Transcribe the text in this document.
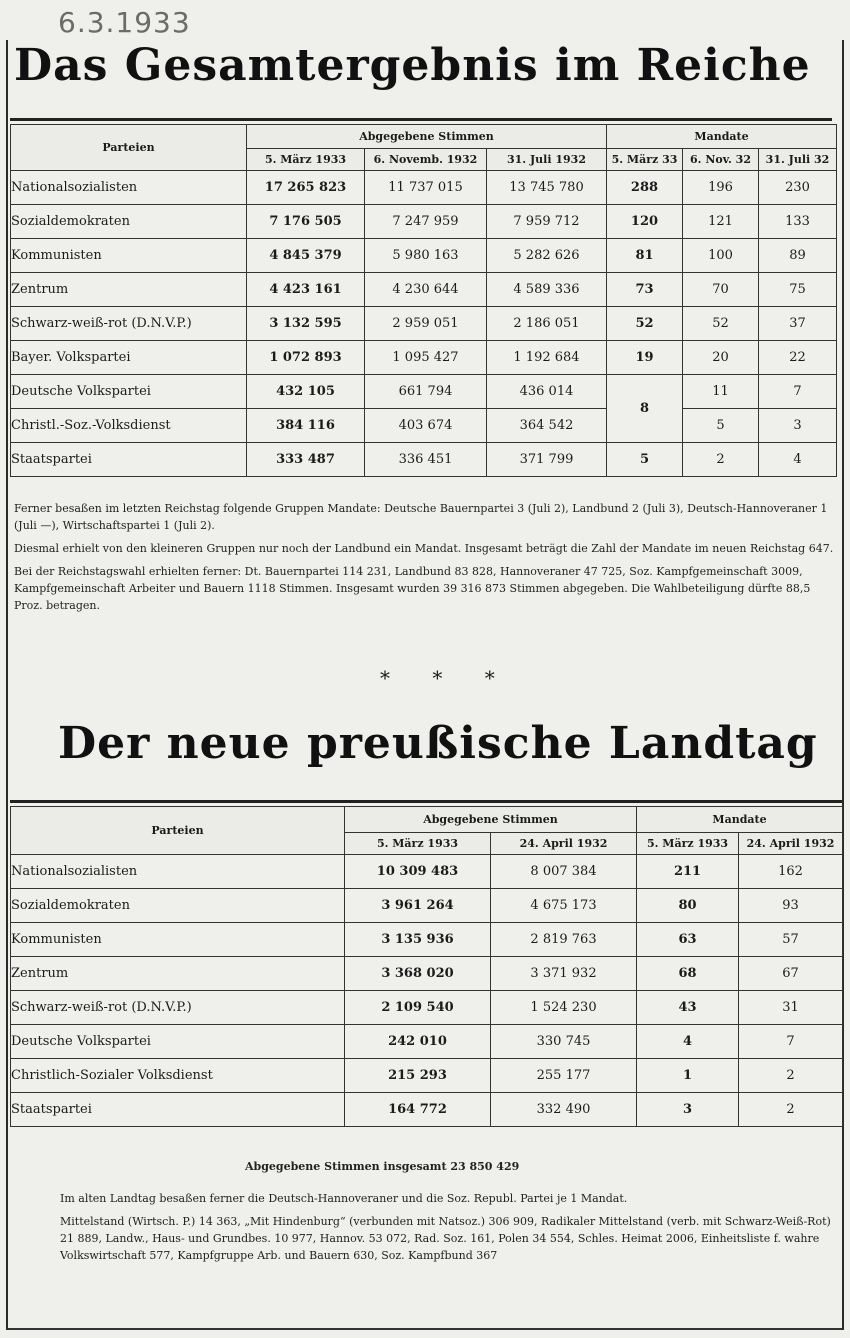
6.3.1933
Das Gesamtergebnis im Reiche
Parteien	Abgegebene Stimmen			Mandate		
	5. März 1933	6. Novemb. 1932	31. Juli 1932	5. März 33	6. Nov. 32	31. Juli 32
Nationalsozialisten	17 265 823	11 737 015	13 745 780	288	196	230
Sozialdemokraten	7 176 505	7 247 959	7 959 712	120	121	133
Kommunisten	4 845 379	5 980 163	5 282 626	81	100	89
Zentrum	4 423 161	4 230 644	4 589 336	73	70	75
Schwarz-weiß-rot (D.N.V.P.)	3 132 595	2 959 051	2 186 051	52	52	37
Bayer. Volkspartei	1 072 893	1 095 427	1 192 684	19	20	22
Deutsche Volkspartei	432 105	661 794	436 014	8	11	7
Christl.-Soz.-Volksdienst	384 116	403 674	364 542		5	3
Staatspartei	333 487	336 451	371 799	5	2	4

Ferner besaßen im letzten Reichstag folgende Gruppen Mandate: Deutsche Bauernpartei 3 (Juli 2), Landbund 2 (Juli 3), Deutsch-Hannoveraner 1 (Juli —), Wirtschaftspartei 1 (Juli 2).

Diesmal erhielt von den kleineren Gruppen nur noch der Landbund ein Mandat. Insgesamt beträgt die Zahl der Mandate im neuen Reichstag 647.

Bei der Reichstagswahl erhielten ferner: Dt. Bauernpartei 114 231, Landbund 83 828, Hannoveraner 47 725, Soz. Kampfgemeinschaft 3009, Kampfgemeinschaft Arbeiter und Bauern 1118 Stimmen. Insgesamt wurden 39 316 873 Stimmen abgegeben. Die Wahlbeteiligung dürfte 88,5 Proz. betragen.

* * *
Der neue preußische Landtag
Parteien	Abgegebene Stimmen		Mandate	
	5. März 1933	24. April 1932	5. März 1933	24. April 1932
Nationalsozialisten	10 309 483	8 007 384	211	162
Sozialdemokraten	3 961 264	4 675 173	80	93
Kommunisten	3 135 936	2 819 763	63	57
Zentrum	3 368 020	3 371 932	68	67
Schwarz-weiß-rot (D.N.V.P.)	2 109 540	1 524 230	43	31
Deutsche Volkspartei	242 010	330 745	4	7
Christlich-Sozialer Volksdienst	215 293	255 177	1	2
Staatspartei	164 772	332 490	3	2
Abgegebene Stimmen insgesamt 23 850 429

Im alten Landtag besaßen ferner die Deutsch-Hannoveraner und die Soz. Republ. Partei je 1 Mandat.

Mittelstand (Wirtsch. P.) 14 363, „Mit Hindenburg“ (verbunden mit Natsoz.) 306 909, Radikaler Mittelstand (verb. mit Schwarz-Weiß-Rot) 21 889, Landw., Haus- und Grundbes. 10 977, Hannov. 53 072, Rad. Soz. 161, Polen 34 554, Schles. Heimat 2006, Einheitsliste f. wahre Volkswirtschaft 577, Kampfgruppe Arb. und Bauern 630, Soz. Kampfbund 367
